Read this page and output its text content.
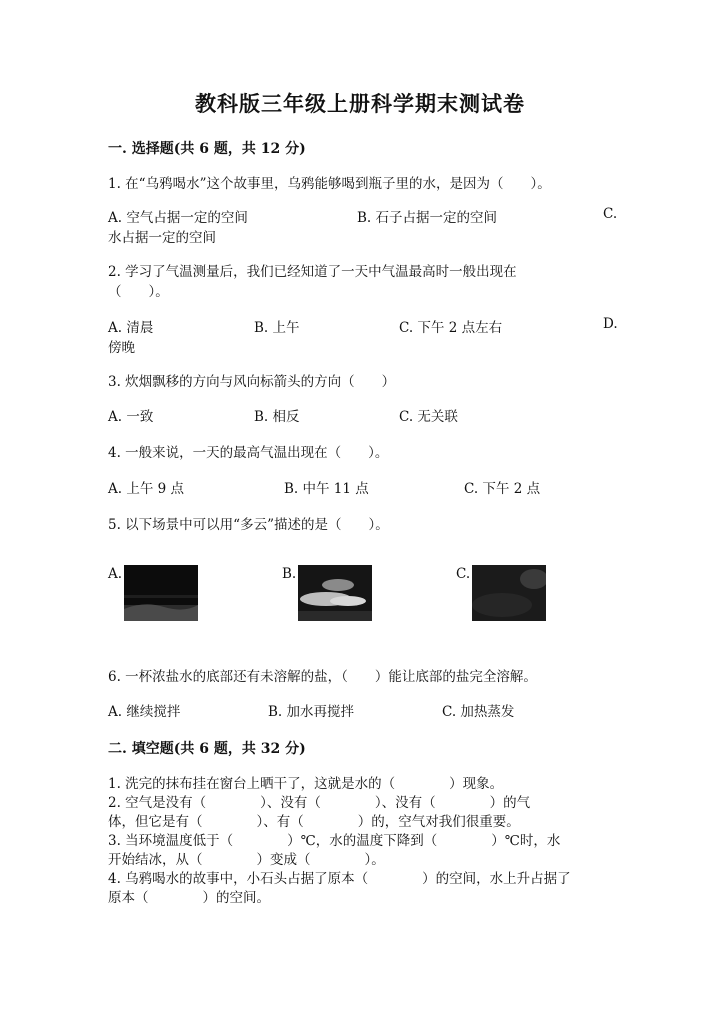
教科版三年级上册科学期末测试卷
一. 选择题(共 6 题，共 12 分)
1. 在“乌鸦喝水”这个故事里，乌鸦能够喝到瓶子里的水，是因为（　　）。
A. 空气占据一定的空间	B. 石子占据一定的空间	C.
水占据一定的空间
2. 学习了气温测量后，我们已经知道了一天中气温最高时一般出现在
（　　）。
A. 清晨	B. 上午	C. 下午 2 点左右	D.
傍晚
3. 炊烟飘移的方向与风向标箭头的方向（　　）
A. 一致	B. 相反	C. 无关联
4. 一般来说，一天的最高气温出现在（　　）。
A. 上午 9 点	B. 中午 11 点	C. 下午 2 点
5. 以下场景中可以用“多云”描述的是（　　）。
A.	B.	C.
6. 一杯浓盐水的底部还有未溶解的盐，（　　）能让底部的盐完全溶解。
A. 继续搅拌	B. 加水再搅拌	C. 加热蒸发
二. 填空题(共 6 题，共 32 分)
1. 洗完的抹布挂在窗台上晒干了，这就是水的（　　　　）现象。
2. 空气是没有（　　　　）、没有（　　　　）、没有（　　　　）的气
体，但它是有（　　　　）、有（　　　　）的，空气对我们很重要。
3. 当环境温度低于（　　　　）℃，水的温度下降到（　　　　）℃时，水
开始结冰，从（　　　　）变成（　　　　）。
4. 乌鸦喝水的故事中，小石头占据了原本（　　　　）的空间，水上升占据了
原本（　　　　）的空间。
